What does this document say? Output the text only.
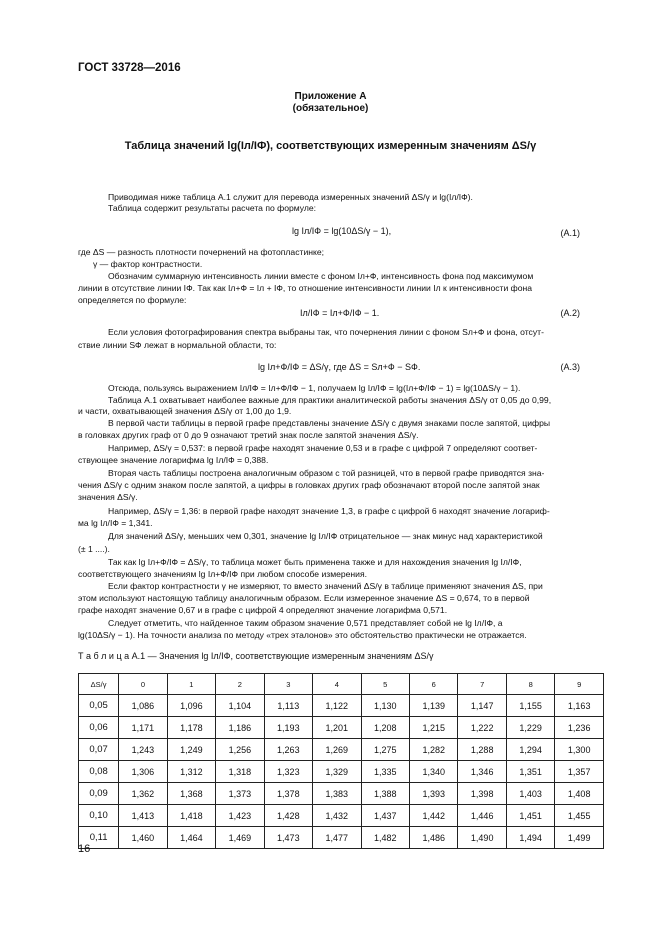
ГОСТ 33728—2016
Приложение А
(обязательное)
Таблица значений lg(Iл/IФ), соответствующих измеренным значениям ΔS/γ
Приводимая ниже таблица А.1 служит для перевода измеренных значений ΔS/γ и lg(Iл/IФ).
Таблица содержит результаты расчета по формуле:
lg Iл/IФ = lg(10ΔS/γ − 1),	(А.1)
где ΔS — разность плотности почернений на фотопластинке;
γ — фактор контрастности.
Обозначим суммарную интенсивность линии вместе с фоном Iл+Ф, интенсивность фона под максимумом
линии в отсутствие линии IФ. Так как Iл+Ф = Iл + IФ, то отношение интенсивности линии Iл к интенсивности фона
определяется по формуле:
Iл/IФ = Iл+Ф/IФ − 1.	(А.2)
Если условия фотографирования спектра выбраны так, что почернения линии с фоном Sл+Ф и фона, отсут-
ствие линии SФ лежат в нормальной области, то:
lg Iл+Ф/IФ = ΔS/γ, где ΔS = Sл+Ф − SФ.	(А.3)
Отсюда, пользуясь выражением Iл/IФ = Iл+Ф/IФ − 1, получаем lg Iл/IФ = lg(Iл+Ф/IФ − 1) = lg(10ΔS/γ − 1).
Таблица А.1 охватывает наиболее важные для практики аналитической работы значения ΔS/γ от 0,05 до 0,99,
и части, охватывающей значения ΔS/γ от 1,00 до 1,9.
В первой части таблицы в первой графе представлены значение ΔS/γ с двумя знаками после запятой, цифры
в головках других граф от 0 до 9 означают третий знак после запятой значения ΔS/γ.
Например, ΔS/γ = 0,537: в первой графе находят значение 0,53 и в графе с цифрой 7 определяют соответ-
ствующее значение логарифма lg Iл/IФ = 0,388.
Вторая часть таблицы построена аналогичным образом с той разницей, что в первой графе приводятся зна-
чения ΔS/γ с одним знаком после запятой, а цифры в головках других граф обозначают второй после запятой знак
значения ΔS/γ.
Например, ΔS/γ = 1,36: в первой графе находят значение 1,3, в графе с цифрой 6 находят значение логариф-
ма lg Iл/IФ = 1,341.
Для значений ΔS/γ, меньших чем 0,301, значение lg Iл/IФ отрицательное — знак минус над характеристикой
(± 1 ....).
Так как lg Iл+Ф/IФ = ΔS/γ, то таблица может быть применена также и для нахождения значения lg Iл/IФ,
соответствующего значениям lg Iл+Ф/IФ при любом способе измерения.
Если фактор контрастности γ не измеряют, то вместо значений ΔS/γ в таблице применяют значения ΔS, при
этом используют настоящую таблицу аналогичным образом. Если измеренное значение ΔS = 0,674, то в первой
графе находят значение 0,67 и в графе с цифрой 4 определяют значение логарифма 0,571.
Следует отметить, что найденное таким образом значение 0,571 представляет собой не lg Iл/IФ, а
lg(10ΔS/γ − 1). На точности анализа по методу «трех эталонов» это обстоятельство практически не отражается.
Т а б л и ц а А.1 — Значения lg Iл/IФ, соответствующие измеренным значениям ΔS/γ
ΔS/γ	0	1	2	3	4	5	6	7	8	9
0,05	1,086	1,096	1,104	1,113	1,122	1,130	1,139	1,147	1,155	1,163
0,06	1,171	1,178	1,186	1,193	1,201	1,208	1,215	1,222	1,229	1,236
0,07	1,243	1,249	1,256	1,263	1,269	1,275	1,282	1,288	1,294	1,300
0,08	1,306	1,312	1,318	1,323	1,329	1,335	1,340	1,346	1,351	1,357
0,09	1,362	1,368	1,373	1,378	1,383	1,388	1,393	1,398	1,403	1,408
0,10	1,413	1,418	1,423	1,428	1,432	1,437	1,442	1,446	1,451	1,455
0,11	1,460	1,464	1,469	1,473	1,477	1,482	1,486	1,490	1,494	1,499
16
